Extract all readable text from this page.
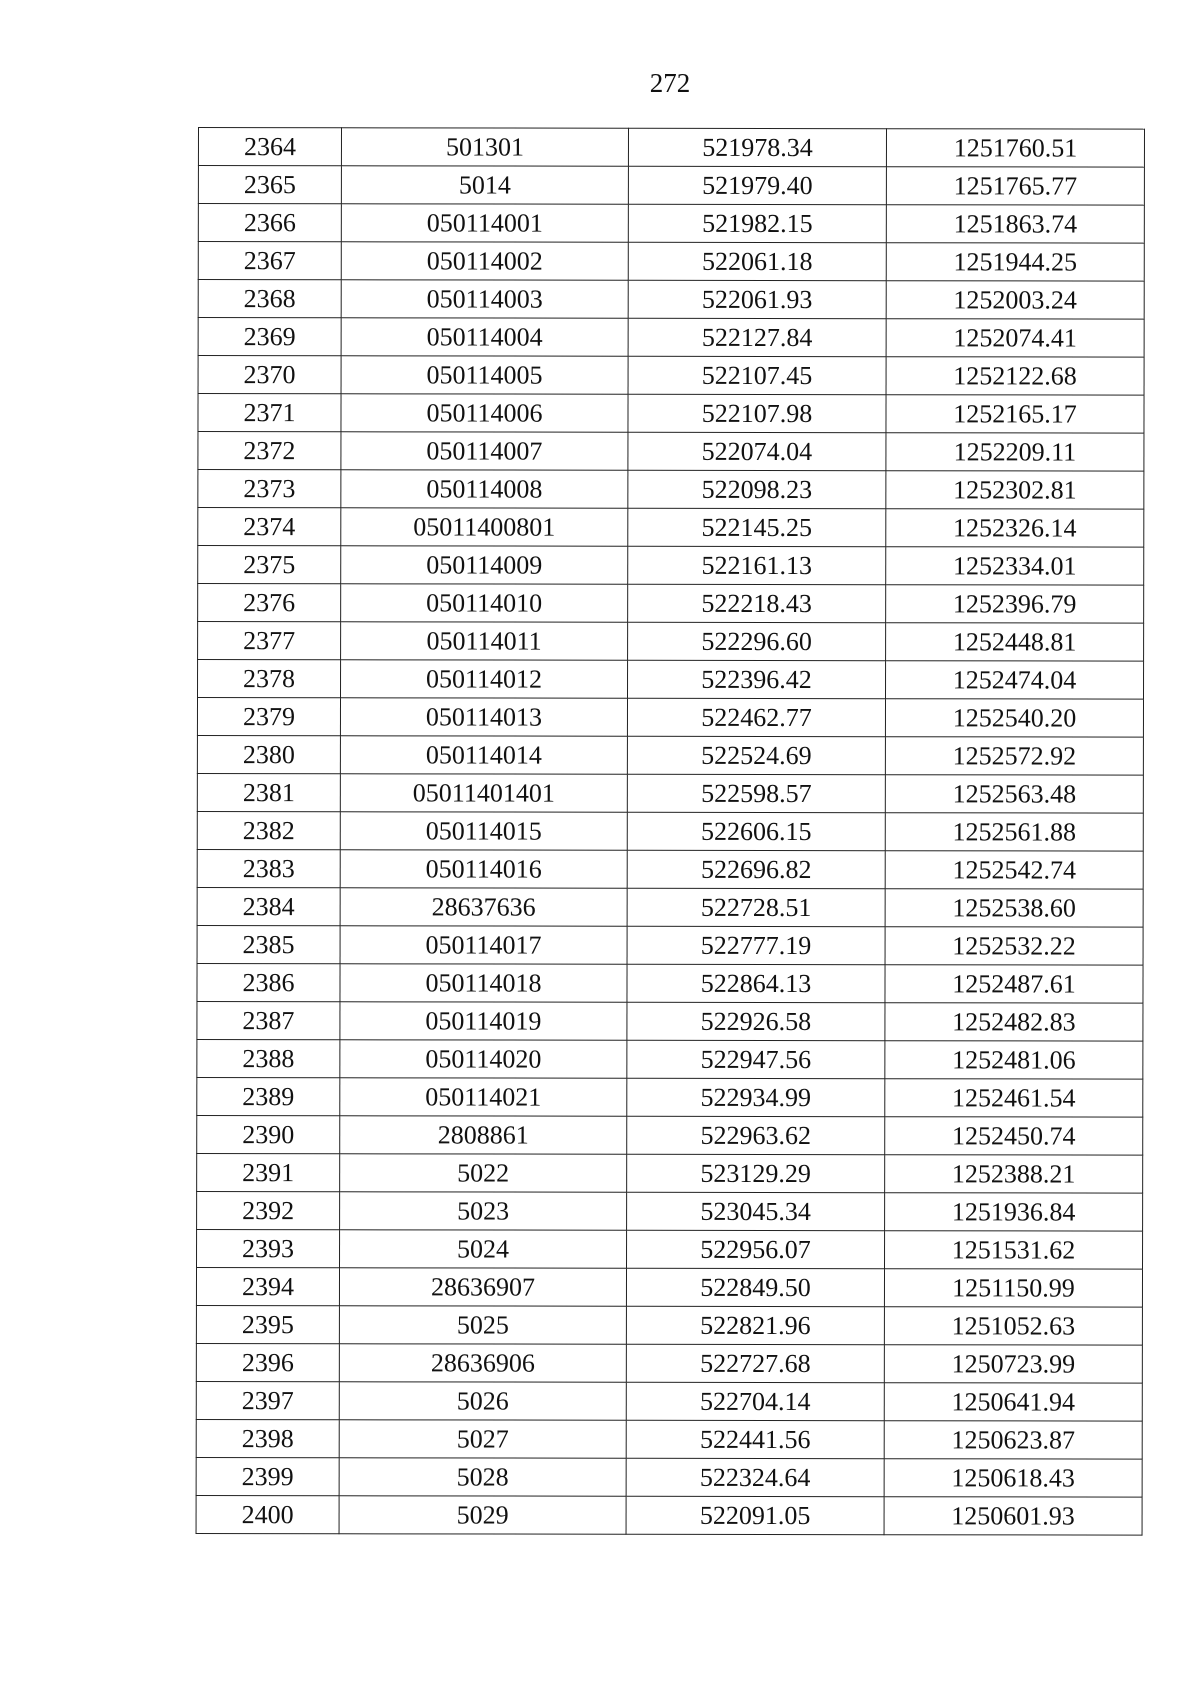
272
2364	501301	521978.34	1251760.51
2365	5014	521979.40	1251765.77
2366	050114001	521982.15	1251863.74
2367	050114002	522061.18	1251944.25
2368	050114003	522061.93	1252003.24
2369	050114004	522127.84	1252074.41
2370	050114005	522107.45	1252122.68
2371	050114006	522107.98	1252165.17
2372	050114007	522074.04	1252209.11
2373	050114008	522098.23	1252302.81
2374	05011400801	522145.25	1252326.14
2375	050114009	522161.13	1252334.01
2376	050114010	522218.43	1252396.79
2377	050114011	522296.60	1252448.81
2378	050114012	522396.42	1252474.04
2379	050114013	522462.77	1252540.20
2380	050114014	522524.69	1252572.92
2381	05011401401	522598.57	1252563.48
2382	050114015	522606.15	1252561.88
2383	050114016	522696.82	1252542.74
2384	28637636	522728.51	1252538.60
2385	050114017	522777.19	1252532.22
2386	050114018	522864.13	1252487.61
2387	050114019	522926.58	1252482.83
2388	050114020	522947.56	1252481.06
2389	050114021	522934.99	1252461.54
2390	2808861	522963.62	1252450.74
2391	5022	523129.29	1252388.21
2392	5023	523045.34	1251936.84
2393	5024	522956.07	1251531.62
2394	28636907	522849.50	1251150.99
2395	5025	522821.96	1251052.63
2396	28636906	522727.68	1250723.99
2397	5026	522704.14	1250641.94
2398	5027	522441.56	1250623.87
2399	5028	522324.64	1250618.43
2400	5029	522091.05	1250601.93
